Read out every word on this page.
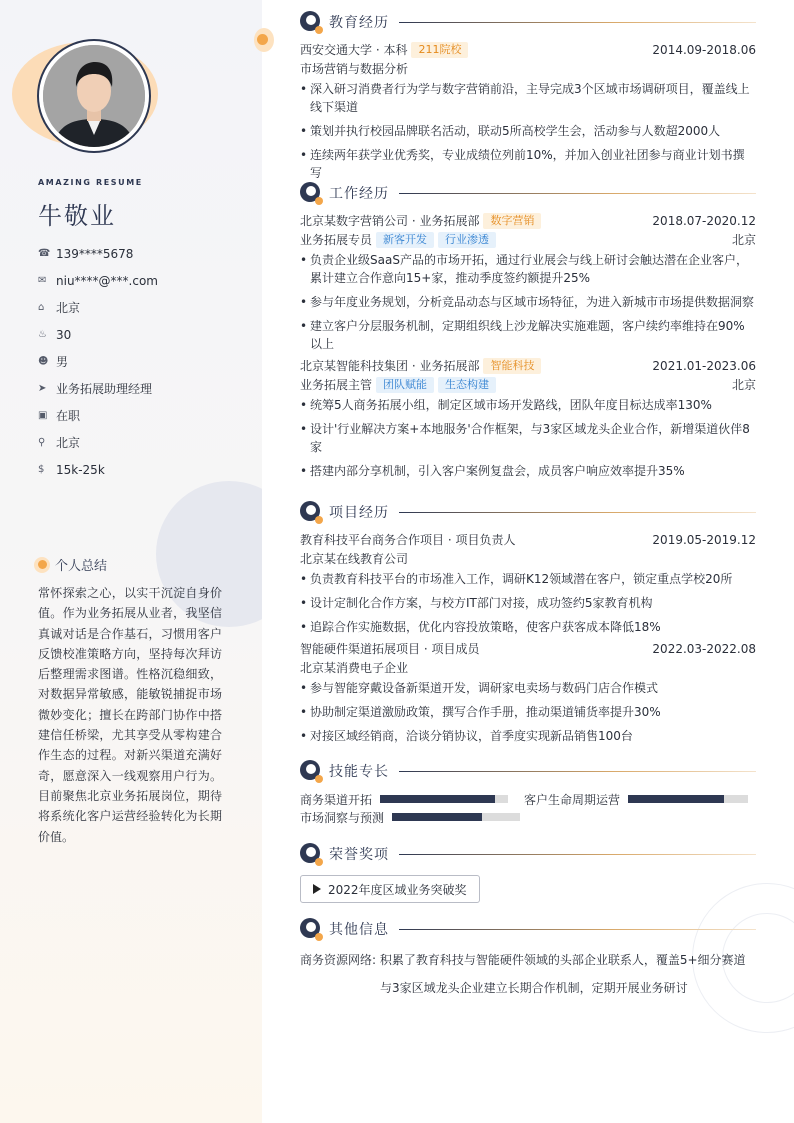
AMAZING RESUME
牛敬业
☎ 139****5678
✉ niu****@***.com
⌂ 北京
♨ 30
☻ 男
➤ 业务拓展助理经理
▣ 在职
⚲ 北京
$ 15k-25k
个人总结
常怀探索之心，以实干沉淀自身价值。作为业务拓展从业者，我坚信真诚对话是合作基石，习惯用客户反馈校准策略方向，坚持每次拜访后整理需求图谱。性格沉稳细致，对数据异常敏感，能敏锐捕捉市场微妙变化；擅长在跨部门协作中搭建信任桥梁，尤其享受从零构建合作生态的过程。对新兴渠道充满好奇，愿意深入一线观察用户行为。目前聚焦北京业务拓展岗位，期待将系统化客户运营经验转化为长期价值。
教育经历
西安交通大学 · 本科	211院校	2014.09-2018.06
市场营销与数据分析
• 深入研习消费者行为学与数字营销前沿，主导完成3个区域市场调研项目，覆盖线上线下渠道
• 策划并执行校园品牌联名活动，联动5所高校学生会，活动参与人数超2000人
• 连续两年获学业优秀奖，专业成绩位列前10%，并加入创业社团参与商业计划书撰写
工作经历
北京某数字营销公司 · 业务拓展部	数字营销	2018.07-2020.12
业务拓展专员	新客开发	行业渗透	北京
• 负责企业级SaaS产品的市场开拓，通过行业展会与线上研讨会触达潜在企业客户，累计建立合作意向15+家，推动季度签约额提升25%
• 参与年度业务规划，分析竞品动态与区域市场特征，为进入新城市市场提供数据洞察
• 建立客户分层服务机制，定期组织线上沙龙解决实施难题，客户续约率维持在90%以上
北京某智能科技集团 · 业务拓展部	智能科技	2021.01-2023.06
业务拓展主管	团队赋能	生态构建	北京
• 统筹5人商务拓展小组，制定区域市场开发路线，团队年度目标达成率130%
• 设计'行业解决方案+本地服务'合作框架，与3家区域龙头企业合作，新增渠道伙伴8家
• 搭建内部分享机制，引入客户案例复盘会，成员客户响应效率提升35%
项目经历
教育科技平台商务合作项目 · 项目负责人	2019.05-2019.12
北京某在线教育公司
• 负责教育科技平台的市场准入工作，调研K12领域潜在客户，锁定重点学校20所
• 设计定制化合作方案，与校方IT部门对接，成功签约5家教育机构
• 追踪合作实施数据，优化内容投放策略，使客户获客成本降低18%
智能硬件渠道拓展项目 · 项目成员	2022.03-2022.08
北京某消费电子企业
• 参与智能穿戴设备新渠道开发，调研家电卖场与数码门店合作模式
• 协助制定渠道激励政策，撰写合作手册，推动渠道铺货率提升30%
• 对接区域经销商，洽谈分销协议，首季度实现新品销售100台
技能专长
商务渠道开拓	客户生命周期运营
市场洞察与预测
荣誉奖项
2022年度区域业务突破奖
其他信息
商务资源网络: 积累了教育科技与智能硬件领域的头部企业联系人，覆盖5+细分赛道
与3家区域龙头企业建立长期合作机制，定期开展业务研讨
